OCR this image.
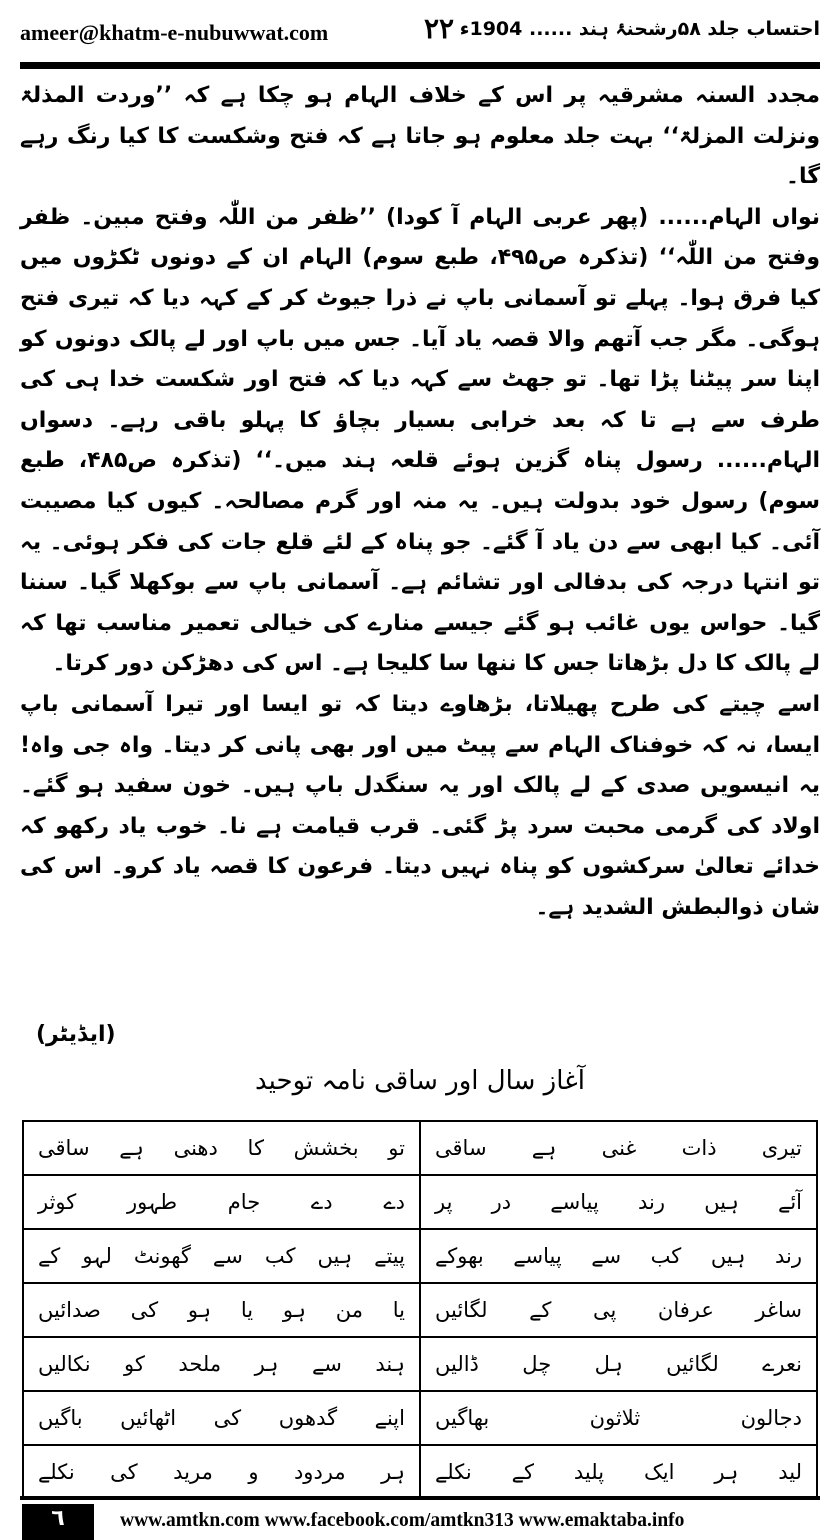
ameer@khatm-e-nubuwwat.com	۲۲ احتساب جلد ۵۸رشحنۂ ہند ...... 1904ء

مجدد السنہ مشرقیہ پر اس کے خلاف الہام ہو چکا ہے کہ ’’وردت المذلۃ ونزلت المزلۃ‘‘ بہت جلد معلوم ہو جاتا ہے کہ فتح وشکست کا کیا رنگ رہے گا۔

نواں الہام...... (پھر عربی الہام آ کودا) ’’ظفر من اللّٰہ وفتح مبین۔ ظفر وفتح من اللّٰہ‘‘ (تذکرہ ص۴۹۵، طبع سوم) الہام ان کے دونوں ٹکڑوں میں کیا فرق ہوا۔ پہلے تو آسمانی باپ نے ذرا جیوٹ کر کے کہہ دیا کہ تیری فتح ہوگی۔ مگر جب آتھم والا قصہ یاد آیا۔ جس میں باپ اور لے پالک دونوں کو اپنا سر پیٹنا پڑا تھا۔ تو جھٹ سے کہہ دیا کہ فتح اور شکست خدا ہی کی طرف سے ہے تا کہ بعد خرابی بسیار بچاؤ کا پہلو باقی رہے۔ دسواں الہام...... رسول پناہ گزین ہوئے قلعہ ہند میں۔‘‘ (تذکرہ ص۴۸۵، طبع سوم) رسول خود بدولت ہیں۔ یہ منہ اور گرم مصالحہ۔ کیوں کیا مصیبت آئی۔ کیا ابھی سے دن یاد آ گئے۔ جو پناہ کے لئے قلع جات کی فکر ہوئی۔ یہ تو انتہا درجہ کی بدفالی اور تشائم ہے۔ آسمانی باپ سے بوکھلا گیا۔ سننا گیا۔ حواس یوں غائب ہو گئے جیسے منارے کی خیالی تعمیر مناسب تھا کہ لے پالک کا دل بڑھاتا جس کا ننھا سا کلیجا ہے۔ اس کی دھڑکن دور کرتا۔

اسے چیتے کی طرح پھیلاتا، بڑھاوے دیتا کہ تو ایسا اور تیرا آسمانی باپ ایسا، نہ کہ خوفناک الہام سے پیٹ میں اور بھی پانی کر دیتا۔ واہ جی واہ! یہ انیسویں صدی کے لے پالک اور یہ سنگدل باپ ہیں۔ خون سفید ہو گئے۔ اولاد کی گرمی محبت سرد پڑ گئی۔ قرب قیامت ہے نا۔ خوب یاد رکھو کہ خدائے تعالیٰ سرکشوں کو پناہ نہیں دیتا۔ فرعون کا قصہ یاد کرو۔ اس کی شان ذوالبطش الشدید ہے۔

(ایڈیٹر)
آغاز سال اور ساقی نامہ توحید
تیری ذات غنی ہے ساقی	تو بخشش کا دھنی ہے ساقی
آئے ہیں رند پیاسے در پر	دے دے جام طہور کوثر
رند ہیں کب سے پیاسے بھوکے	پیتے ہیں کب سے گھونٹ لہو کے
ساغر عرفان پی کے لگائیں	یا من ہو یا ہو کی صدائیں
نعرے لگائیں ہل چل ڈالیں	ہند سے ہر ملحد کو نکالیں
دجالون ثلاثون بھاگیں	اپنے گدھوں کی اٹھائیں باگیں
لید ہر ایک پلید کے نکلے	ہر مردود و مرید کی نکلے
٦	www.amtkn.com www.facebook.com/amtkn313 www.emaktaba.info
